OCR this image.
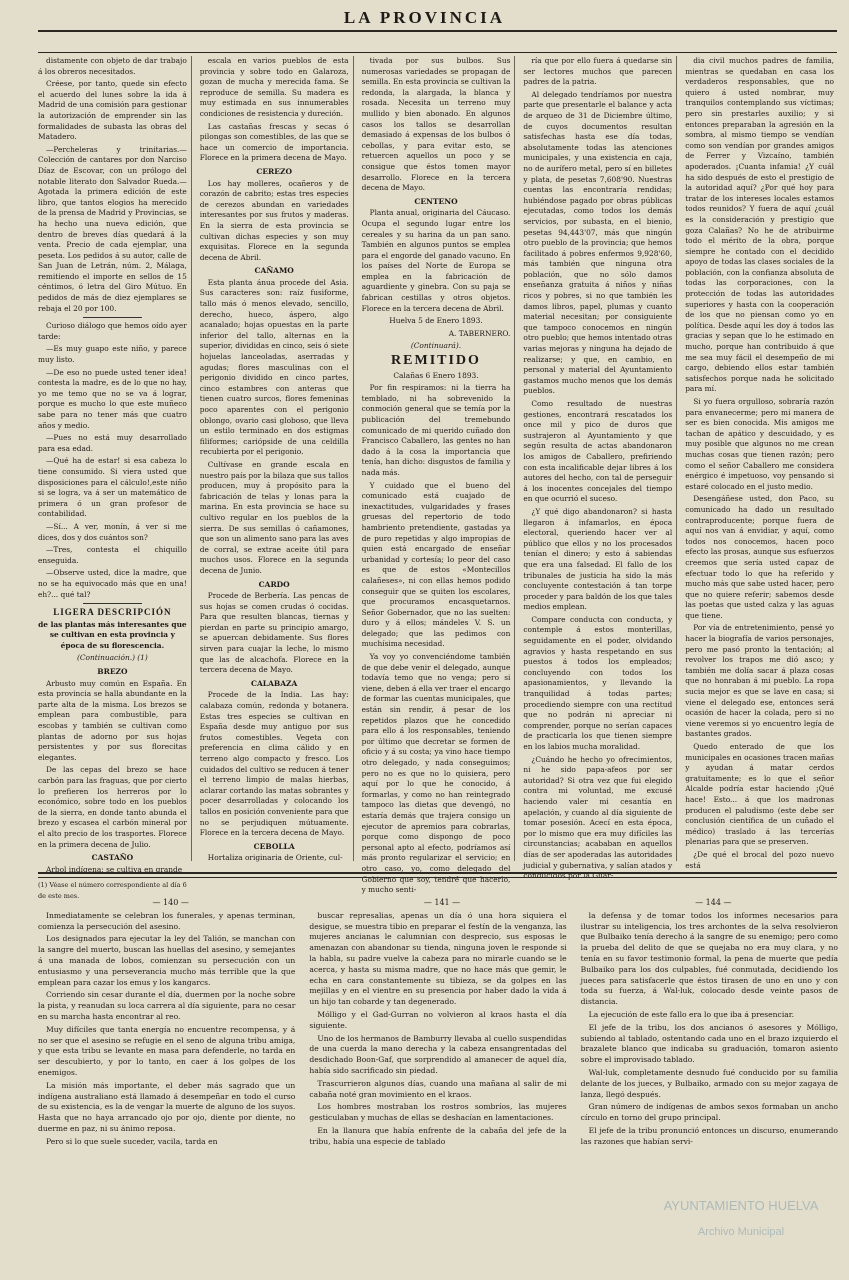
LA PROVINCIA

distamente con objeto de dar trabajo á los obreros necesitados.

Créese, por tanto, quede sin efecto el acuerdo del lunes sobre la ida á Madrid de una comisión para gestionar la autorización de emprender sin las formalidades de subasta las obras del Matadero.

—Percheleras y trinitarias.— Colección de cantares por don Narciso Díaz de Escovar, con un prólogo del notable literato don Salvador Rueda.—Agotada la primera edición de este libro, que tantos elogios ha merecido de la prensa de Madrid y Provincias, se ha hecho una nueva edición, que dentro de breves días quedará á la venta. Precio de cada ejemplar, una peseta. Los pedidos á su autor, calle de San Juan de Letrán, núm. 2, Málaga, remitiendo el importe en sellos de 15 céntimos, ó letra del Giro Mútuo. En pedidos de más de diez ejemplares se rebaja el 20 por 100.

Curioso diálogo que hemos oído ayer tarde:

—Es muy guapo este niño, y parece muy listo.

—De eso no puede usted tener idea! contesta la madre, es de lo que no hay, yo me temo que no se va á lograr, porque es mucho lo que este muñeco sabe para no tener más que cuatro años y medio.

—Pues no está muy desarrollado para esa edad.

—Qué ha de estar! si esa cabeza lo tiene consumido. Si viera usted que disposiciones para el cálculo!,este niño si se logra, va á ser un matemático de primera ó un gran profesor de contabilidad.

—Sí... A ver, monín, á ver si me dices, dos y dos cuántos son?

—Tres, contesta el chiquillo enseguida.

—Observe usted, dice la madre, que no se ha equivocado más que en una! eh?... qué tal?

LIGERA DESCRIPCIÓN

de las plantas más interesantes que se cultivan en esta provincia y época de su florescencia.

(Continuación.) (1)

BREZO

Arbusto muy común en España. En esta provincia se halla abundante en la parte alta de la misma. Los brezos se emplean para combustible, para escobas y también se cultivan como plantas de adorno por sus hojas persistentes y por sus florecitas elegantes.

De las cepas del brezo se hace carbón para las fraguas, que por cierto lo prefieren los herreros por lo económico, sobre todo en los pueblos de la sierra, en donde tanto abunda el brezo y escasea el carbón mineral por el alto precio de los trasportes. Florece en la primera decena de Julio.

CASTAÑO

Arbol indígena; se cultiva en grande

(1) Véase el número correspondiente al día 6 de este mes.

escala en varios pueblos de esta provincia y sobre todo en Galaroza, gozan de mucha y merecida fama. Se reproduce de semilla. Su madera es muy estimada en sus innumerables condiciones de resistencia y dureción.

Las castañas frescas y secas ó pilongas son comestibles, de las que se hace un comercio de importancia. Florece en la primera decena de Mayo.

CEREZO

Los hay molleres, ocañeros y de corazón de cabrito; estas tres especies de cerezos abundan en variedades interesantes por sus frutos y maderas. En la sierra de esta provincia se cultivan dichas especies y son muy exquisitas. Florece en la segunda decena de Abril.

CAÑAMO

Esta planta ánua procede del Asia. Sus caracteres son: raíz fusiforme, tallo más ó menos elevado, sencillo, derecho, hueco, áspero, algo acanalado; hojas opuestas en la parte inferior del tallo, alternas en la superior, divididas en cinco, seis ó siete hojuelas lanceoladas, aserradas y agudas; flores masculinas con el perigonio dividido en cinco partes, cinco estambres con anteras que tienen cuatro surcos, flores femeninas poco aparentes con el perigonio oblongo, ovario casi globoso, que lleva un estilo terminado en dos estigmas filiformes; cariópside de una celdilla recubierta por el perigonio.

Cultívase en grande escala en nuestro país por la bilaza que sus tallos producen, muy á propósito para la fabricación de telas y lonas para la marina. En esta provincia se hace su cultivo regular en los pueblos de la sierra. De sus semillas ó cañamones, que son un alimento sano para las aves de corral, se extrae aceite útil para muchos usos. Florece en la segunda decena de Junio.

CARDO

Procede de Berbería. Las pencas de sus hojas se comen crudas ó cocidas. Para que resulten blancas, tiernas y pierdan en parte su principio amargo, se apuercan debidamente. Sus flores sirven para cuajar la leche, lo mismo que las de alcachofa. Florece en la tercera decena de Mayo.

CALABAZA

Procede de la India. Las hay: calabaza común, redonda y botanera. Estas tres especies se cultivan en España desde muy antiguo por sus frutos comestibles. Vegeta con preferencia en clima cálido y en terreno algo compacto y fresco. Los cuidados del cultivo se reducen á tener el terreno limpio de malas hierbas, aclarar cortando las matas sobrantes y pocer desarrolladas y colocando los tallos en posición conveniente para que no se perjudiquen mútuamente. Florece en la tercera decena de Mayo.

CEBOLLA

Hortaliza originaria de Oriente, cul-

tivada por sus bulbos. Sus numerosas variedades se propagan de semilla. En esta provincia se cultivan la redonda, la alargada, la blanca y rosada. Necesita un terreno muy mullido y bien abonado. En algunos casos los tallos se desarrollan demasiado á expensas de los bulbos ó cebollas, y para evitar esto, se retuercen aquellos un poco y se consigue que éstos tomen mayor desarrollo. Florece en la tercera decena de Mayo.

CENTENO

Planta anual, originaria del Cáucaso. Ocupa el segundo lugar entre los cereales y su harina da un pan sano. También en algunos puntos se emplea para el engorde del ganado vacuno. En los países del Norte de Europa se emplea en la fabricación de aguardiente y ginebra. Con su paja se fabrican cestillas y otros objetos. Florece en la tercera decena de Abril.

Huelva 5 de Enero 1893.

A. TABERNERO.

(Continuará).

REMITIDO

Calañas 6 Enero 1893.

Por fin respiramos: ni la tierra ha temblado, ni ha sobrevenido la conmoción general que se temía por la publicación del tremebundo comunicado de mi querido cuñado don Francisco Caballero, las gentes no han dado á la cosa la importancia que tenía, han dicho: disgustos de familia y nada más.

Y cuidado que el bueno del comunicado está cuajado de inexactitudes, vulgaridades y frases gruesas del repertorio de todo hambriento pretendiente, gastadas ya de puro repetidas y algo impropias de quien está encargado de enseñar urbanidad y cortesía; lo peor del caso es que de estos «Montecillos calañeses», ni con ellas hemos podido conseguir que se quiten los escolares, que procuramos encasquetarnos. Señor Gobernador, que no las suelten: duro y á ellos; mándeles V. S. un delegado; que las pedimos con muchísima necesidad.

Ya voy yo convenciéndome también de que debe venir el delegado, aunque todavía temo que no venga; pero si viene, deben á ella ver traer el encargo de formar las cuentas municipales, que están sin rendir, á pesar de los repetidos plazos que he concedido para ello á los responsables, teniendo por último que decretar se formen de oficio y á su costa; ya vino hace tiempo otro delegado, y nada conseguimos; pero no es que no lo quisiera, pero aquí por lo que he conocido, á formarlas, y como no han reintegrado tampoco las dietas que devengó, no estaría demás que trajera consigo un ejecutor de apremios para cobrarlas, porque como dispongo de poco personal apto al efecto, podríamos así más pronto regularizar el servicio; en otro caso, yo, como delegado del Gobierno que soy, tendré que hacerlo, y mucho senti-

ría que por ello fuera á quedarse sin ser lectores muchos que parecen padres de la patria.

Al delegado tendríamos por nuestra parte que presentarle el balance y acta de arqueo de 31 de Diciembre último, de cuyos documentos resultan satisfechas hasta ese día todas, absolutamente todas las atenciones municipales, y una existencia en caja, no de aurífero metal, pero sí en billetes y plata, de pesetas 7,608'90. Nuestras cuentas las encontraría rendidas; hubiéndose pagado por obras públicas ejecutadas, como todos los demás servicios, por subasta, en el bienio, pesetas 94,443'07, más que ningún otro pueblo de la provincia; que hemos facilitado á pobres enfermos 9,928'60, más también que ninguna otra población, que no sólo damos enseñanza gratuita á niños y niñas ricos y pobres, si no que también les damos libros, papel, plumas y cuanto material necesitan; por consiguiente que tampoco conocemos en ningún otro pueblo; que hemos intentado otras varias mejoras y ninguna ha dejado de realizarse; y que, en cambio, en personal y material del Ayuntamiento gastamos mucho menos que los demás pueblos.

Como resultado de nuestras gestiones, encontrará rescatados los once mil y pico de duros que sustrajeron al Ayuntamiento y que según resulta de actas abandonaron los amigos de Caballero, prefiriendo con esta incalificable dejar libres á los autores del hecho, con tal de perseguir á los inocentes concejales del tiempo en que ocurrió el suceso.

¿Y qué digo abandonaron? si hasta llegaron á infamarlos, en época electoral, queriendo hacer ver al público que ellos y no los procesados tenían el dinero; y esto á sabiendas que era una falsedad. El fallo de los tribunales de justicia ha sido la más concluyente contestación á tan torpe proceder y para baldón de los que tales medios emplean.

Compare conducta con conducta, y contemple á estos monterillas, seguidamente en el poder, olvidando agravios y hasta respetando en sus puestos á todos los empleados; concluyendo con todos los apasionamientos, y llevando la tranquilidad á todas partes; procediendo siempre con una rectitud que no podrán ni apreciar ni comprender, porque no serían capaces de practicarla los que tienen siempre en los labios mucha moralidad.

¿Cuándo he hecho yo ofrecimientos, ni he sido papa-afeos por ser autoridad? Si otra vez que fui elegido contra mi voluntad, me excusé haciendo valer mi cesantía en apelación, y cuando al día siguiente de tomar posesión. Acecí en esta época, por lo mismo que era muy difíciles las circunstancias; acababan en aquellos días de ser apoderadas las autoridades judicial y gubernativa, y salían atados y conducidos por la Guar-

dia civil muchos padres de familia, mientras se quedaban en casa los verdaderos responsables, que no quiero á usted nombrar, muy tranquilos contemplando sus víctimas; pero sin prestarles auxilio; y si entonces preparaban la agresión en la sombra, al mismo tiempo se vendían como son vendían por grandes amigos de Ferrer y Vizcaíno, también apoderados. ¡Cuanta infamia! ¿Y cuál ha sido después de esto el prestigio de la autoridad aquí? ¿Por qué hoy para tratar de los intereses locales estamos todos reunidos? Y fuera de aquí ¿cuál es la consideración y prestigio que goza Calañas? No he de atribuirme todo el mérito de la obra, porque siempre he contado con el decidido apoyo de todas las clases sociales de la población, con la confianza absoluta de todas las corporaciones, con la protección de todas las autoridades superiores y hasta con la cooperación de los que no piensan como yo en política. Desde aquí les doy á todos las gracias y sepan que lo he estimado en mucho, porque han contribuido á que me sea muy fácil el desempeño de mi cargo, debiendo ellos estar también satisfechos porque nada he solicitado para mí.

Si yo fuera orgulloso, sobraría razón para envanecerme; pero mi manera de ser es bien conocida. Mis amigos me tachan de apático y descuidado, y es muy posible que algunos no me crean muchas cosas que tienen razón; pero como el señor Caballero me considera enérgico é impetuoso, voy pensando si estaré colocado en el justo medio.

Desengáñese usted, don Paco, su comunicado ha dado un resultado contraproducente; porque fuera de aquí nos van á envidiar, y aquí, como todos nos conocemos, hacen poco efecto las prosas, aunque sus esfuerzos creemos que sería usted capaz de efectuar todo lo que ha referido y mucho más que sabe usted hacer, pero que no quiere referir; sabemos desde las poetas que usted calza y las aguas que tiene.

Por vía de entretenimiento, pensé yo hacer la biografía de varios personajes, pero me pasó pronto la tentación; al revolver los trapos me dió asco; y también me dolía sacar á plaza cosas que no honraban á mi pueblo. La ropa sucia mejor es que se lave en casa; si viene el delegado ese, entonces será ocasión de hacer la colada, pero si no viene veremos si yo encuentro legía de bastantes grados.

Quedo enterado de que los municipales en ocasiones tracen mañas y ayudan á matar cerdos gratuitamente; es lo que el señor Alcalde podría estar haciendo ¡Qué hace! Esto... á que los madronas producen el paludismo (este debe ser conclusión científica de un cuñado el médico) traslado á las tercerías plenarias para que se preserven.

¿De qué el brocal del pozo nuevo está

— 140 —

Inmediatamente se celebran los funerales, y apenas terminan, comienza la persecución del asesino.

Los designados para ejecutar la ley del Talión, se manchan con la sangre del muerto, buscan las huellas del asesino, y semejantes á una manada de lobos, comienzan su persecución con un entusiasmo y una perseverancia mucho más terrible que la que emplean para cazar los emus y los kangarcs.

Corriendo sin cesar durante el día, duermen por la noche sobre la pista, y reanudan su loca carrera al día siguiente, para no cesar en su marcha hasta encontrar al reo.

Muy difíciles que tanta energía no encuentre recompensa, y á no ser que el asesino se refugie en el seno de alguna tribu amiga, y que esta tribu se levante en masa para defenderle, no tarda en ser descubierto, y por lo tanto, en caer á los golpes de los enemigos.

La misión más importante, el deber más sagrado que un indígena australiano está llamado á desempeñar en todo el curso de su existencia, es la de vengar la muerte de alguno de los suyos. Hasta que no haya arrancado ojo por ojo, diente por diente, no duerme en paz, ni su ánimo reposa.

Pero si lo que suele suceder, vacila, tarda en

— 141 —

buscar represalias, apenas un día ó una hora siquiera el desigue, se muestra tibio en preparar el festín de la venganza, las mujeres ancianas le calumnian con desprecio, sus esposas le amenazan con abandonar su tienda, ninguna joven le responde si la habla, su padre vuelve la cabeza para no mirarle cuando se le acerca, y hasta su misma madre, que no hace más que gemir, le echa en cara constantemente su tibieza, se da golpes en las mejillas y en el vientre en su presencia por haber dado la vida á un hijo tan cobarde y tan degenerado.

Mólligo y el Gad-Gurran no volvieron al kraos hasta el día siguiente.

Uno de los hermanos de Bamburry llevaba al cuello suspendidas de una cuerda la mano derecha y la cabeza ensangrentadas del desdichado Boon-Gaf, que sorprendido al amanecer de aquel día, había sido sacrificado sin piedad.

Trascurrieron algunos días, cuando una mañana al salir de mi cabaña noté gran movimiento en el kraos.

Los hombres mostraban los rostros sombríos, las mujeres gesticulaban y muchas de ellas se deshacían en lamentaciones.

En la llanura que había enfrente de la cabaña del jefe de la tribu, había una especie de tablado

— 144 —

la defensa y de tomar todos los informes necesarios para ilustrar su inteligencia, los tres archontes de la selva resolvieron que Bulbaiko tenía derecho á la sangre de su enemigo; pero como la prueba del delito de que se quejaba no era muy clara, y no tenía en su favor testimonio formal, la pena de muerte que pedía Bulbaiko para los dos culpables, fué conmutada, decidiendo los jueces para satisfacerle que éstos tirasen de uno en uno y con toda su fuerza, á Wal-luk, colocado desde veinte pasos de distancia.

La ejecución de este fallo era lo que iba á presenciar.

El jefe de la tribu, los dos ancianos ó asesores y Mólligo, subiendo al tablado, ostentando cada uno en el brazo izquierdo el brazalete blanco que indicaba su graduación, tomaron asiento sobre el improvisado tablado.

Wal-luk, completamente desnudo fué conducido por su familia delante de los jueces, y Bulbaiko, armado con su mejor zagaya de lanza, llegó después.

Gran número de indígenas de ambos sexos formaban un ancho círculo en torno del grupo principal.

El jefe de la tribu pronunció entonces un discurso, enumerando las razones que habían servi-

AYUNTAMIENTO HUELVA
Archivo Municipal
